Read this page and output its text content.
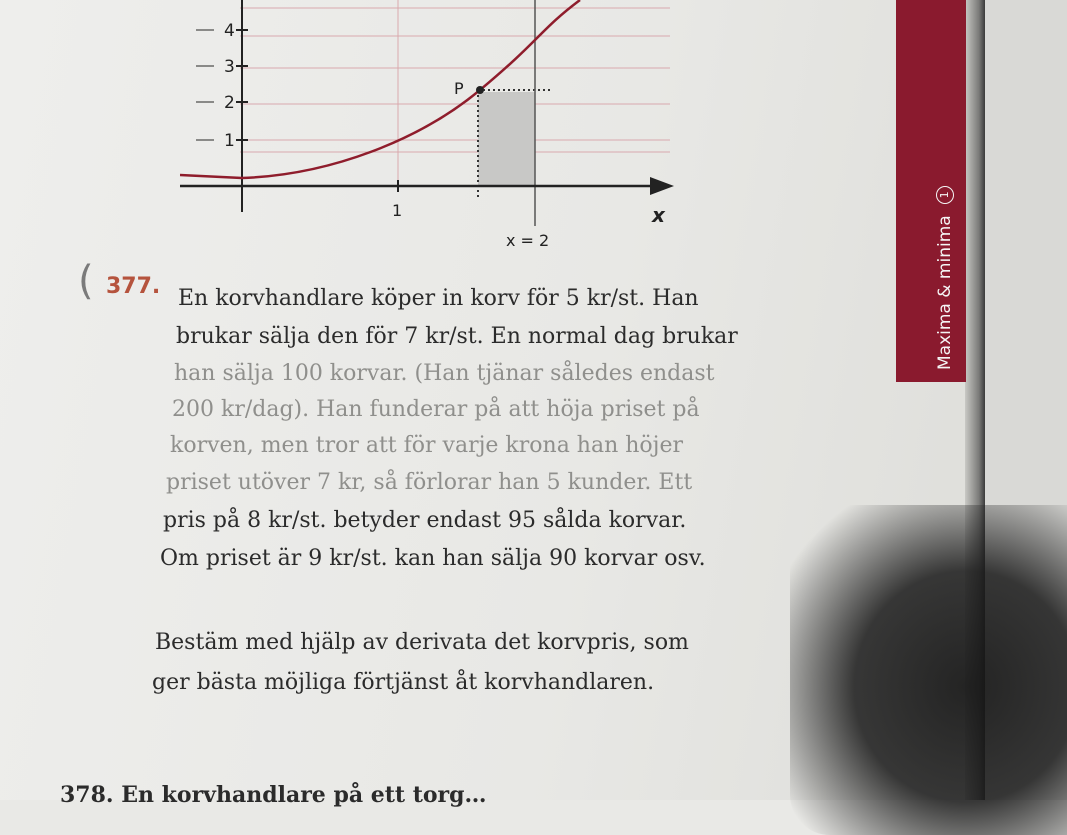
4
3
2
1
1	x
P
x = 2	Maxima & minima 1
( 377. En korvhandlare köper in korv för 5 kr/st. Han
brukar sälja den för 7 kr/st. En normal dag brukar
han sälja 100 korvar. (Han tjänar således endast
200 kr/dag). Han funderar på att höja priset på
korven, men tror att för varje krona han höjer
priset utöver 7 kr, så förlorar han 5 kunder. Ett
pris på 8 kr/st. betyder endast 95 sålda korvar.
Om priset är 9 kr/st. kan han sälja 90 korvar osv.
Bestäm med hjälp av derivata det korvpris, som
ger bästa möjliga förtjänst åt korvhandlaren.
378. En korvhandlare på ett torg…
